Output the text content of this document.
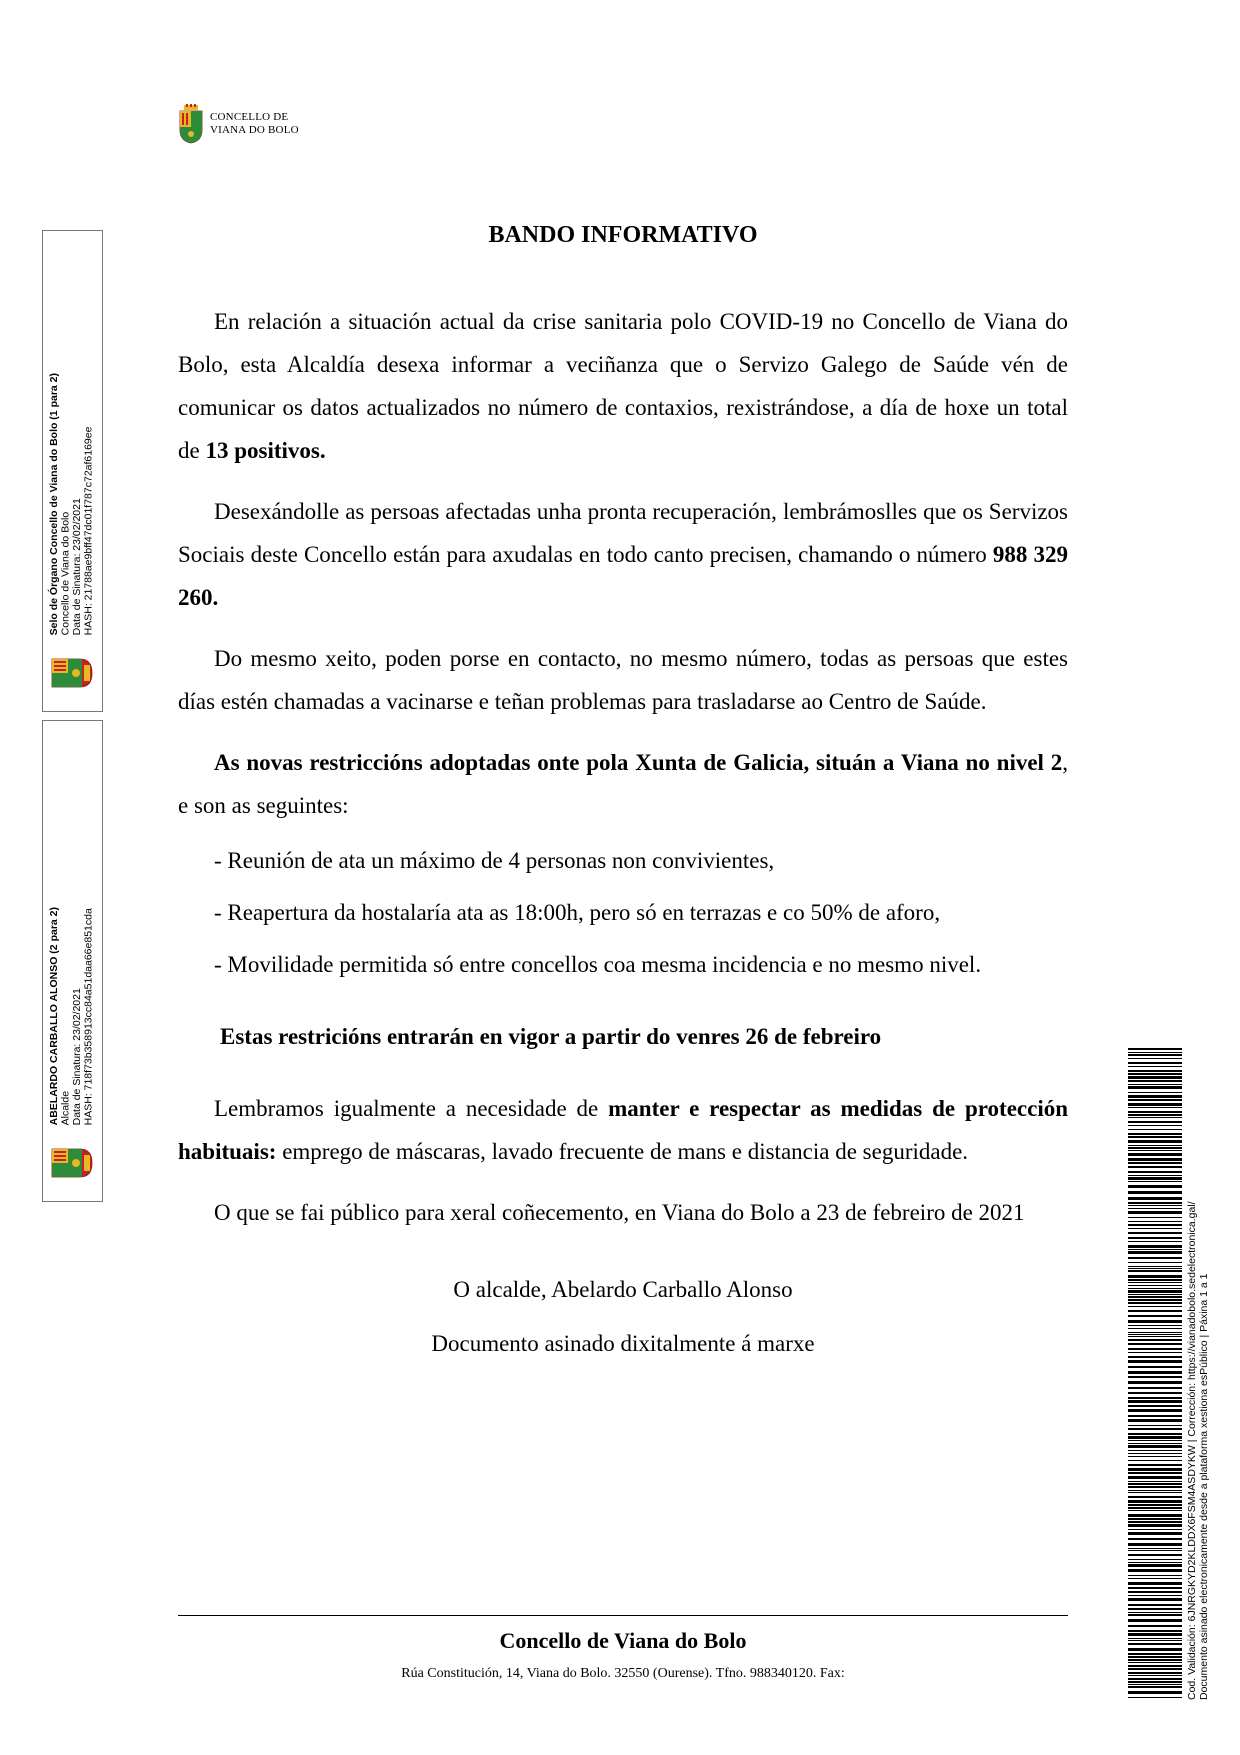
CONCELLO DE
VIANA DO BOLO
BANDO INFORMATIVO

En relación a situación actual da crise sanitaria polo COVID-19 no Concello de Viana do Bolo, esta Alcaldía desexa informar a veciñanza que o Servizo Galego de Saúde vén de comunicar os datos actualizados no número de contaxios, rexistrándose, a día de hoxe un total de 13 positivos.

Desexándolle as persoas afectadas unha pronta recuperación, lembrámoslles que os Servizos Sociais deste Concello están para axudalas en todo canto precisen, chamando o número 988 329 260.

Do mesmo xeito, poden porse en contacto, no mesmo número, todas as persoas que estes días estén chamadas a vacinarse e teñan problemas para trasladarse ao Centro de Saúde.

As novas restriccións adoptadas onte pola Xunta de Galicia, situán a Viana no nivel 2, e son as seguintes:

- Reunión de ata un máximo de 4 personas non convivientes,
- Reapertura da hostalaría ata as 18:00h, pero só en terrazas e co 50% de aforo,
- Movilidade permitida só entre concellos coa mesma incidencia e no mesmo nivel.

Estas restricións entrarán en vigor a partir do venres 26 de febreiro

Lembramos igualmente a necesidade de manter e respectar as medidas de protección habituais: emprego de máscaras, lavado frecuente de mans e distancia de seguridade.

O que se fai público para xeral coñecemento, en Viana do Bolo a 23 de febreiro de 2021

O alcalde, Abelardo Carballo Alonso

Documento asinado dixitalmente á marxe

Concello de Viana do Bolo
Rúa Constitución, 14, Viana do Bolo. 32550 (Ourense). Tfno. 988340120. Fax:
Selo de Órgano Concello de Viana do Bolo (1 para 2) Concello de Viana do Bolo Data de Sinatura: 23/02/2021 HASH: 21788ae9bff47dc01f787c72af6169ee
ABELARDO CARBALLO ALONSO (2 para 2) Alcalde Data de Sinatura: 23/02/2021 HASH: 718f73b358913cc84a51daa66e851cda
Cod. Validación: 6JNRGKYD2KLDDX6FSM4ASDYKW | Corrección: https://vianadobolo.sedelectronica.gal/ Documento asinado electronicamente desde a plataforma xestiona esPúblico | Páxina 1 a 1
